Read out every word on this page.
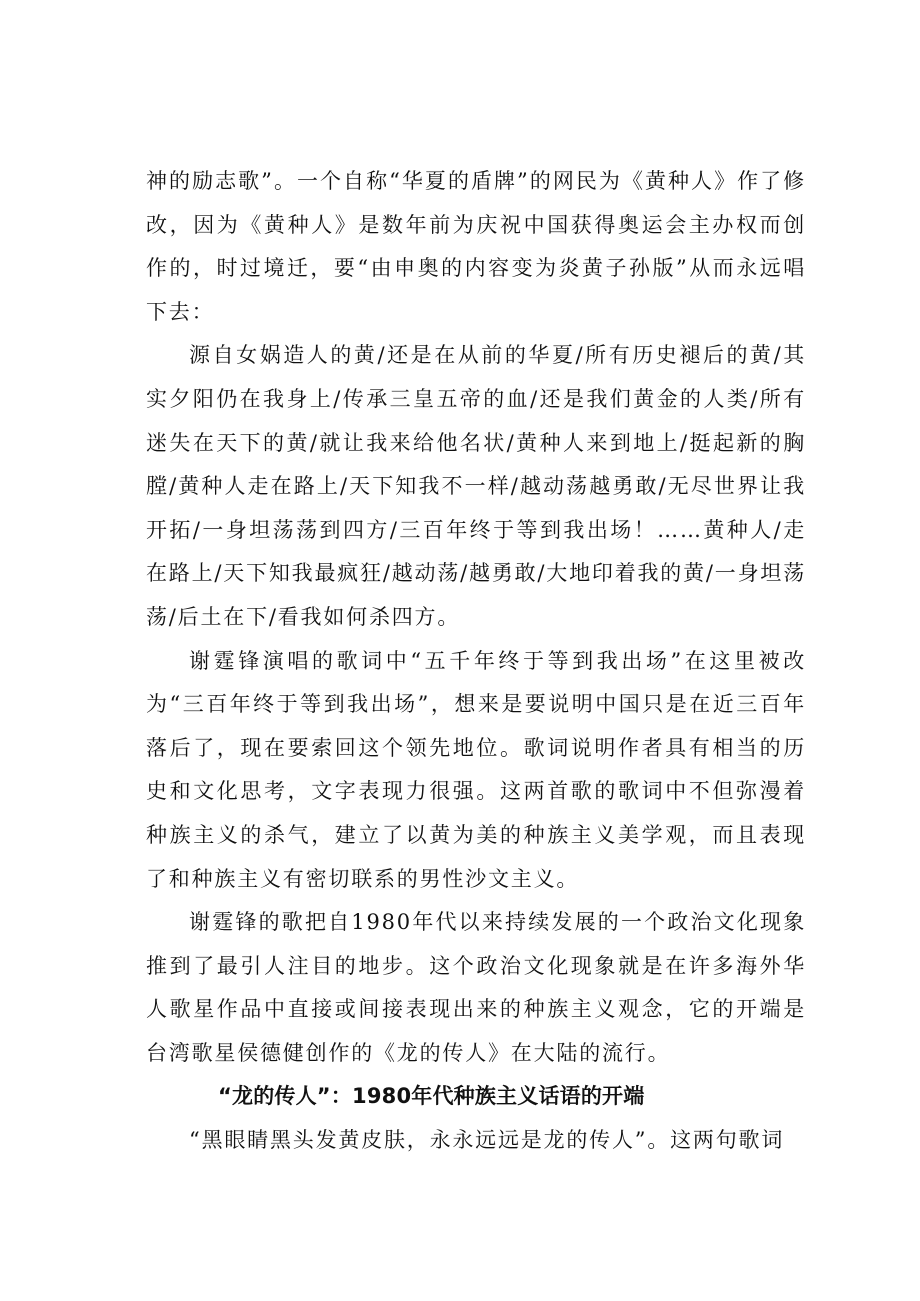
神的励志歌”。一个自称“华夏的盾牌”的网民为《黄种人》作了修改，因为《黄种人》是数年前为庆祝中国获得奥运会主办权而创作的，时过境迁，要“由申奥的内容变为炎黄子孙版”从而永远唱下去：

源自女娲造人的黄/还是在从前的华夏/所有历史褪后的黄/其实夕阳仍在我身上/传承三皇五帝的血/还是我们黄金的人类/所有迷失在天下的黄/就让我来给他名状/黄种人来到地上/挺起新的胸膛/黄种人走在路上/天下知我不一样/越动荡越勇敢/无尽世界让我开拓/一身坦荡荡到四方/三百年终于等到我出场！……黄种人/走在路上/天下知我最疯狂/越动荡/越勇敢/大地印着我的黄/一身坦荡荡/后土在下/看我如何杀四方。

谢霆锋演唱的歌词中“五千年终于等到我出场”在这里被改为“三百年终于等到我出场”，想来是要说明中国只是在近三百年落后了，现在要索回这个领先地位。歌词说明作者具有相当的历史和文化思考，文字表现力很强。这两首歌的歌词中不但弥漫着种族主义的杀气，建立了以黄为美的种族主义美学观，而且表现了和种族主义有密切联系的男性沙文主义。

谢霆锋的歌把自1980年代以来持续发展的一个政治文化现象推到了最引人注目的地步。这个政治文化现象就是在许多海外华人歌星作品中直接或间接表现出来的种族主义观念，它的开端是台湾歌星侯德健创作的《龙的传人》在大陆的流行。

“龙的传人”：1980年代种族主义话语的开端

“黑眼睛黑头发黄皮肤，永永远远是龙的传人”。这两句歌词
